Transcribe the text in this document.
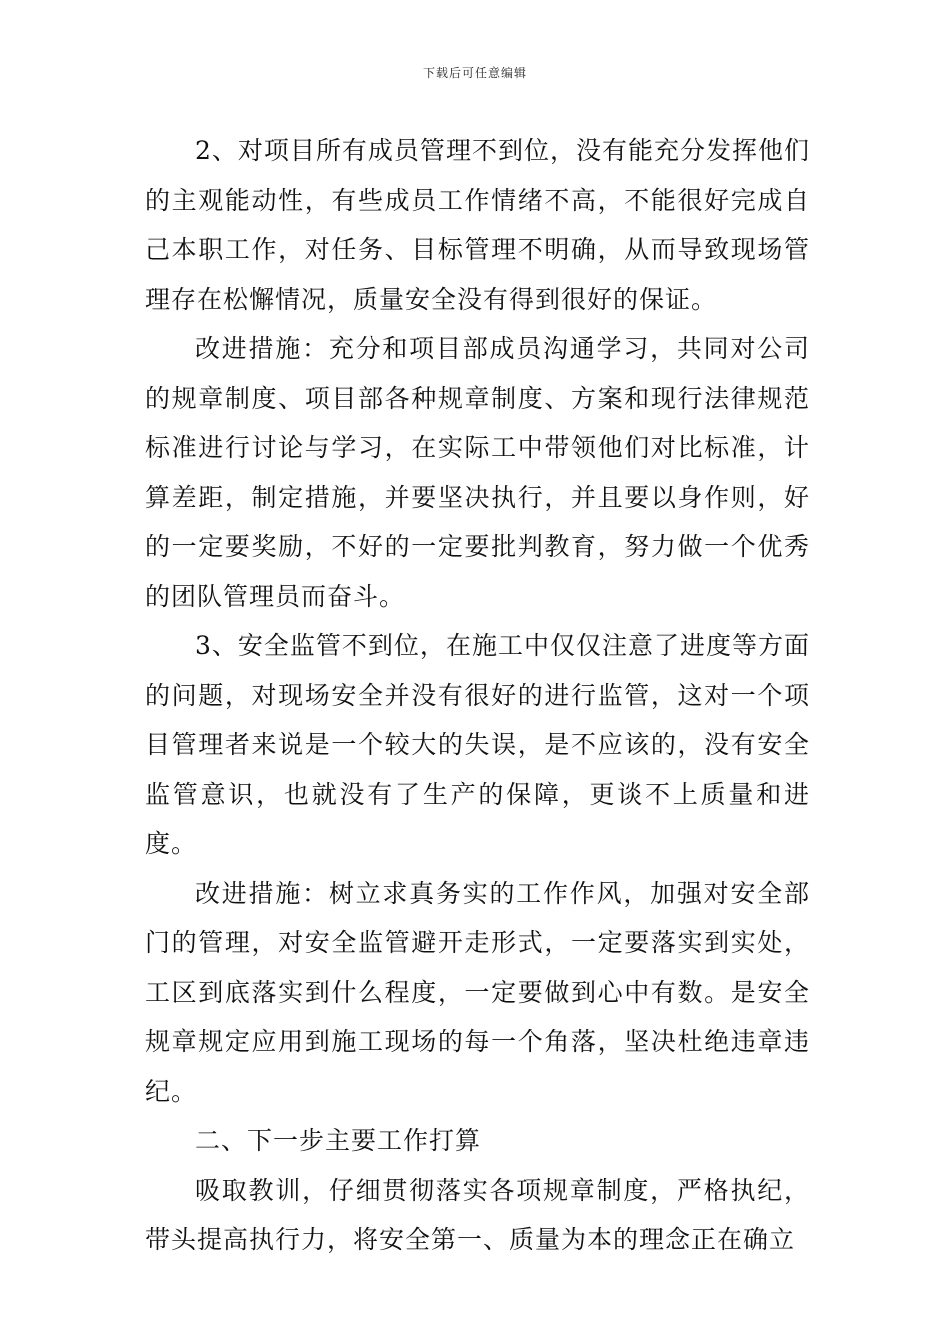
下载后可任意编辑

2、对项目所有成员管理不到位，没有能充分发挥他们的主观能动性，有些成员工作情绪不高，不能很好完成自己本职工作，对任务、目标管理不明确，从而导致现场管理存在松懈情况，质量安全没有得到很好的保证。

改进措施：充分和项目部成员沟通学习，共同对公司的规章制度、项目部各种规章制度、方案和现行法律规范标准进行讨论与学习，在实际工中带领他们对比标准，计算差距，制定措施，并要坚决执行，并且要以身作则，好的一定要奖励，不好的一定要批判教育，努力做一个优秀的团队管理员而奋斗。

3、安全监管不到位，在施工中仅仅注意了进度等方面的问题，对现场安全并没有很好的进行监管，这对一个项目管理者来说是一个较大的失误，是不应该的，没有安全监管意识，也就没有了生产的保障，更谈不上质量和进度。

改进措施：树立求真务实的工作作风，加强对安全部门的管理，对安全监管避开走形式，一定要落实到实处，工区到底落实到什么程度，一定要做到心中有数。是安全规章规定应用到施工现场的每一个角落，坚决杜绝违章违纪。

二、下一步主要工作打算

吸取教训，仔细贯彻落实各项规章制度，严格执纪，带头提高执行力，将安全第一、质量为本的理念正在确立
